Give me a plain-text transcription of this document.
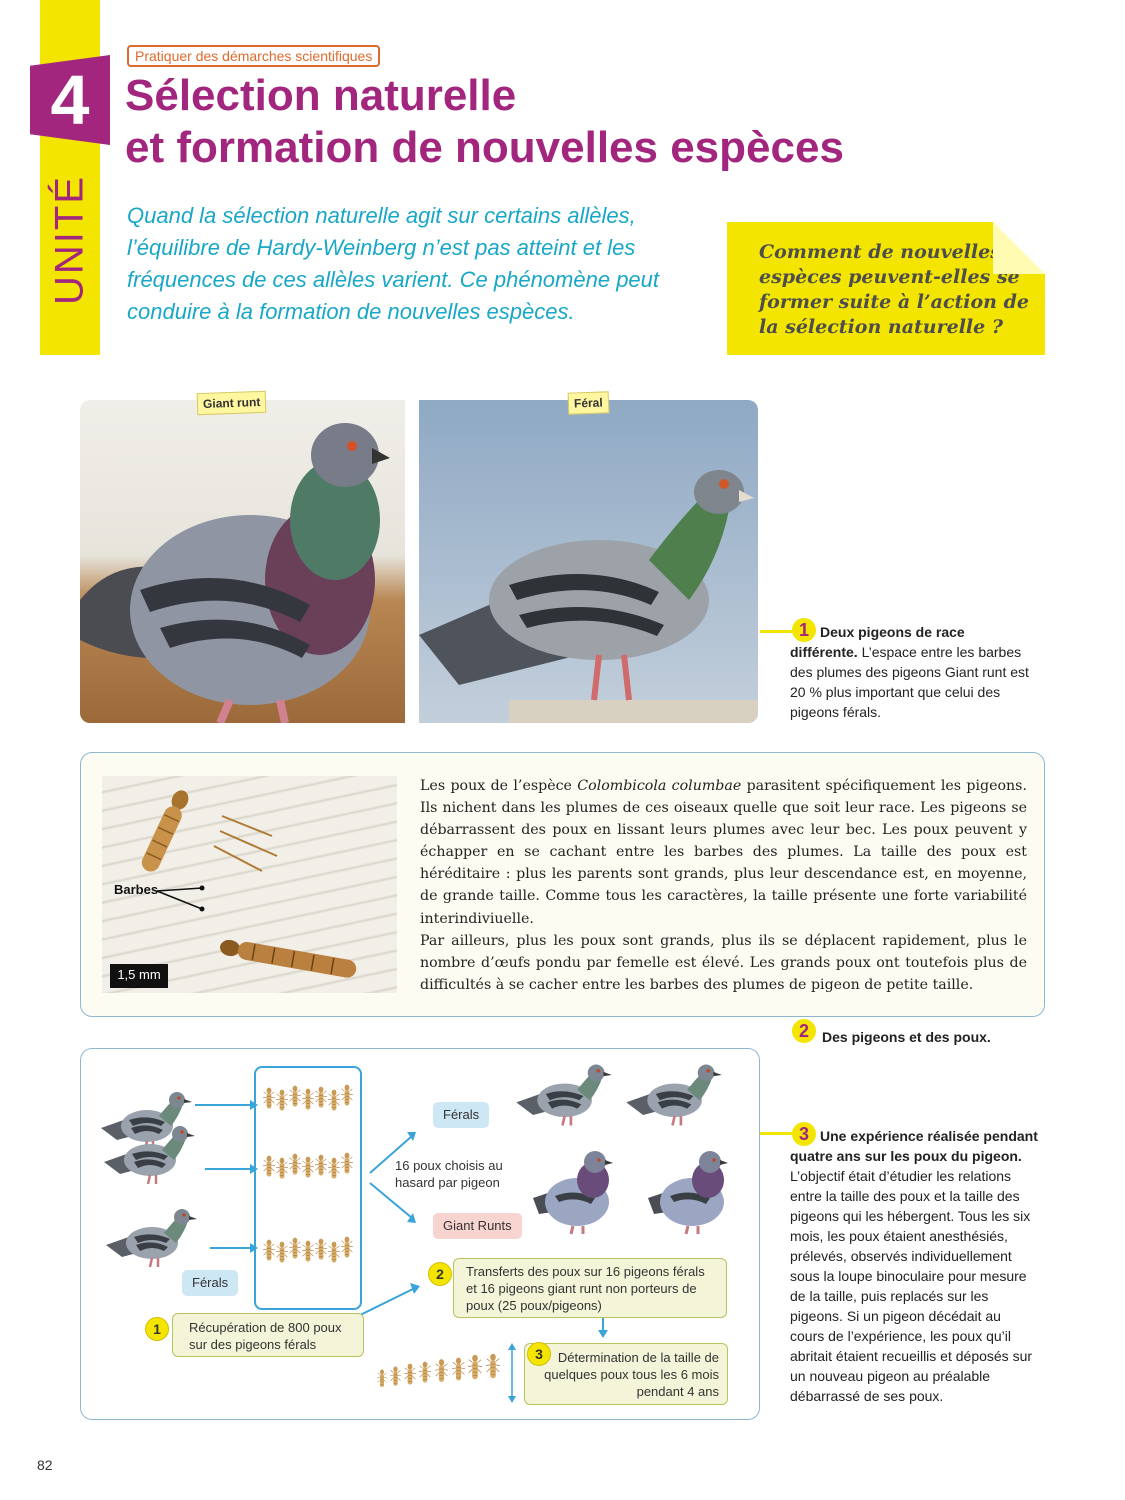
4
UNITÉ
Pratiquer des démarches scientifiques
Sélection naturelle
et formation de nouvelles espèces
Quand la sélection naturelle agit sur certains allèles, l’équilibre de Hardy-Weinberg n’est pas atteint et les fréquences de ces allèles varient. Ce phénomène peut conduire à la formation de nouvelles espèces.
Comment de nouvelles espèces peuvent-elles se former suite à l’action de la sélection naturelle ?
Giant runt	Féral
1 Deux pigeons de race différente. L’espace entre les barbes des plumes des pigeons Giant runt est 20 % plus important que celui des pigeons férals.
Barbes
1,5 mm

Les poux de l’espèce Colombicola columbae parasitent spécifiquement les pigeons. Ils nichent dans les plumes de ces oiseaux quelle que soit leur race. Les pigeons se débarrassent des poux en lissant leurs plumes avec leur bec. Les poux peuvent y échapper en se cachant entre les barbes des plumes. La taille des poux est héréditaire : plus les parents sont grands, plus leur descendance est, en moyenne, de grande taille. Comme tous les caractères, la taille présente une forte variabilité interindiviuelle.

Par ailleurs, plus les poux sont grands, plus ils se déplacent rapidement, plus le nombre d’œufs pondu par femelle est élevé. Les grands poux ont toutefois plus de difficultés à se cacher entre les barbes des plumes de pigeon de petite taille.

2 Des pigeons et des poux.
Férals
Giant Runts
Férals
16 poux choisis au hasard par pigeon
Récupération de 800 poux sur des pigeons férals
1
Transferts des poux sur 16 pigeons férals et 16 pigeons giant runt non porteurs de poux (25 poux/pigeons)
2
Détermination de la taille de quelques poux tous les 6 mois pendant 4 ans
3
3 Une expérience réalisée pendant quatre ans sur les poux du pigeon. L’objectif était d’étudier les relations entre la taille des poux et la taille des pigeons qui les hébergent. Tous les six mois, les poux étaient anesthésiés, prélevés, observés individuellement sous la loupe binoculaire pour mesure de la taille, puis replacés sur les pigeons. Si un pigeon décédait au cours de l’expérience, les poux qu’il abritait étaient recueillis et déposés sur un nouveau pigeon au préalable débarrassé de ses poux.
82
